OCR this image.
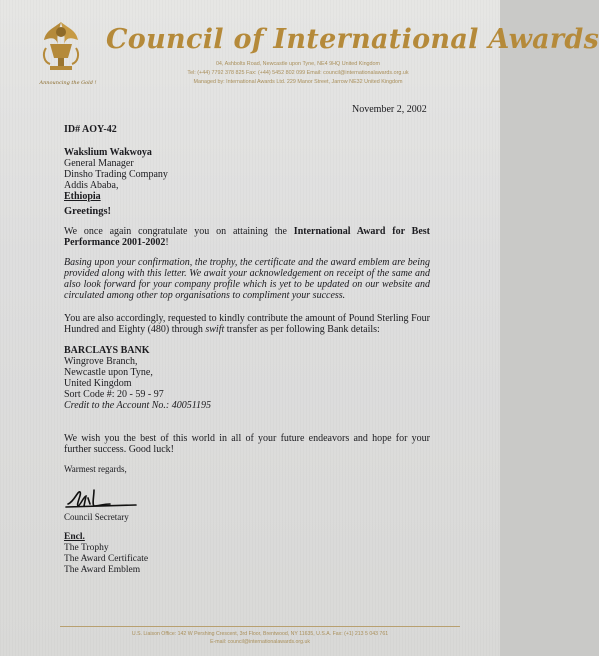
Announcing the Gold !
Council of International Awards
04, Ashbolts Road, Newcastle upon Tyne, NE4 9HQ United Kingdom
Tel: (+44) 7792 378 825 Fax: (+44) 5452 802 099 Email: council@internationalawards.org.uk
Managed by: International Awards Ltd. 229 Manor Street, Jarrow NE32 United Kingdom
November 2, 2002
ID# AOY-42
Wakslium Wakwoya
General Manager
Dinsho Trading Company
Addis Ababa,
Ethiopia
Greetings!
We once again congratulate you on attaining the International Award for Best Performance 2001-2002!
Basing upon your confirmation, the trophy, the certificate and the award emblem are being provided along with this letter. We await your acknowledgement on receipt of the same and also look forward for your company profile which is yet to be updated on our website and circulated among other top organisations to compliment your success.
You are also accordingly, requested to kindly contribute the amount of Pound Sterling Four Hundred and Eighty (480) through swift transfer as per following Bank details:
BARCLAYS BANK
Wingrove Branch,
Newcastle upon Tyne,
United Kingdom
Sort Code #: 20 - 59 - 97
Credit to the Account No.: 40051195
We wish you the best of this world in all of your future endeavors and hope for your further success. Good luck!
Warmest regards,
Council Secretary
Encl.
The Trophy
The Award Certificate
The Award Emblem
U.S. Liaison Office: 142 W Pershing Crescent, 3rd Floor, Brentwood, NY 11635, U.S.A. Fax: (+1) 213 5 043 761
E-mail: council@internationalawards.org.uk
